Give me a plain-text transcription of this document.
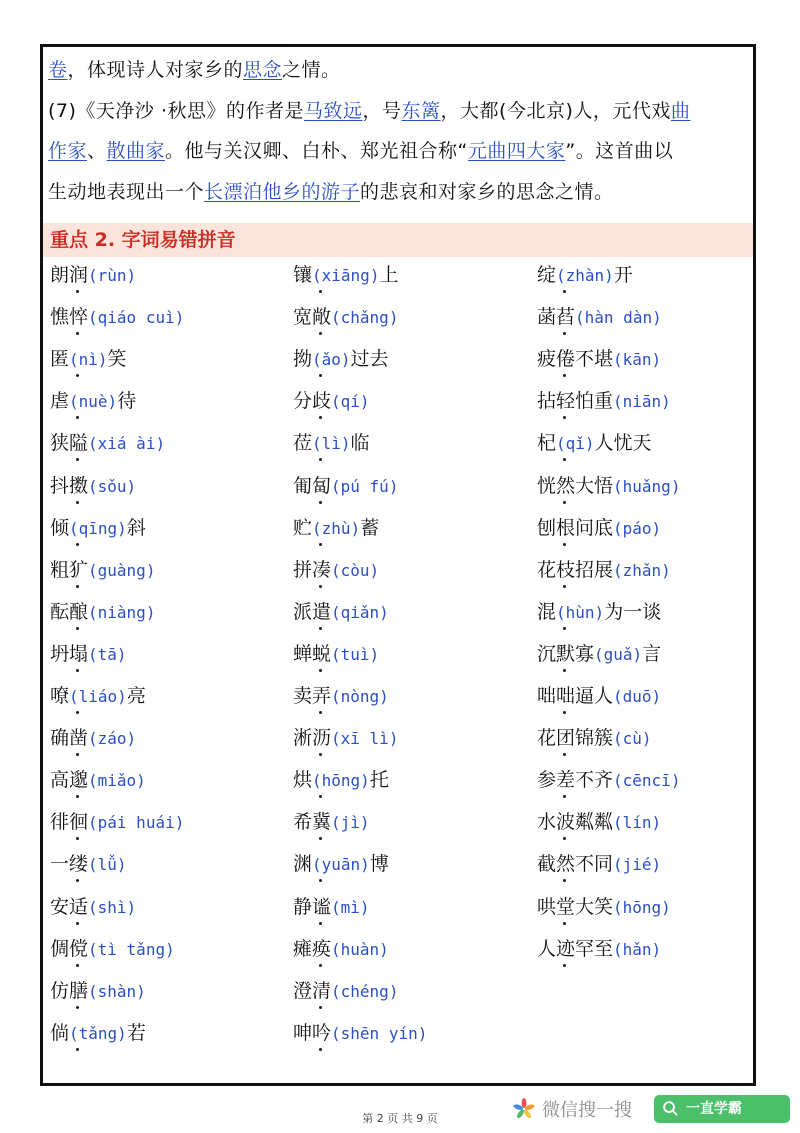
卷，体现诗人对家乡的思念之情。

(7)《天净沙 ·秋思》的作者是马致远，号东篱，大都(今北京)人，元代戏曲

作家、散曲家。他与关汉卿、白朴、郑光祖合称“元曲四大家”。这首曲以

生动地表现出一个长漂泊他乡的游子的悲哀和对家乡的思念之情。

重点 2. 字词易错拼音
朗润(rùn)
憔悴(qiáo cuì)
匿(nì)笑
虐(nuè)待
狭隘(xiá ài)
抖擞(sǒu)
倾(qīng)斜
粗犷(guàng)
酝酿(niàng)
坍塌(tā)
嘹(liáo)亮
确凿(záo)
高邈(miǎo)
徘徊(pái huái)
一缕(lǚ)
安适(shì)
倜傥(tì tǎng)
仿膳(shàn)
倘(tǎng)若
镶(xiāng)上
宽敞(chǎng)
拗(ǎo)过去
分歧(qí)
莅(lì)临
匍匐(pú fú)
贮(zhù)蓄
拼凑(còu)
派遣(qiǎn)
蝉蜕(tuì)
卖弄(nòng)
淅沥(xī lì)
烘(hōng)托
希冀(jì)
渊(yuān)博
静谧(mì)
瘫痪(huàn)
澄清(chéng)
呻吟(shēn yín)
绽(zhàn)开
菡萏(hàn dàn)
疲倦不堪(kān)
拈轻怕重(niān)
杞(qǐ)人忧天
恍然大悟(huǎng)
刨根问底(páo)
花枝招展(zhǎn)
混(hùn)为一谈
沉默寡(guǎ)言
咄咄逼人(duō)
花团锦簇(cù)
参差不齐(cēncī)
水波粼粼(lín)
截然不同(jié)
哄堂大笑(hōng)
人迹罕至(hǎn)
第 2 页 共 9 页	微信搜一搜	一直学霸
